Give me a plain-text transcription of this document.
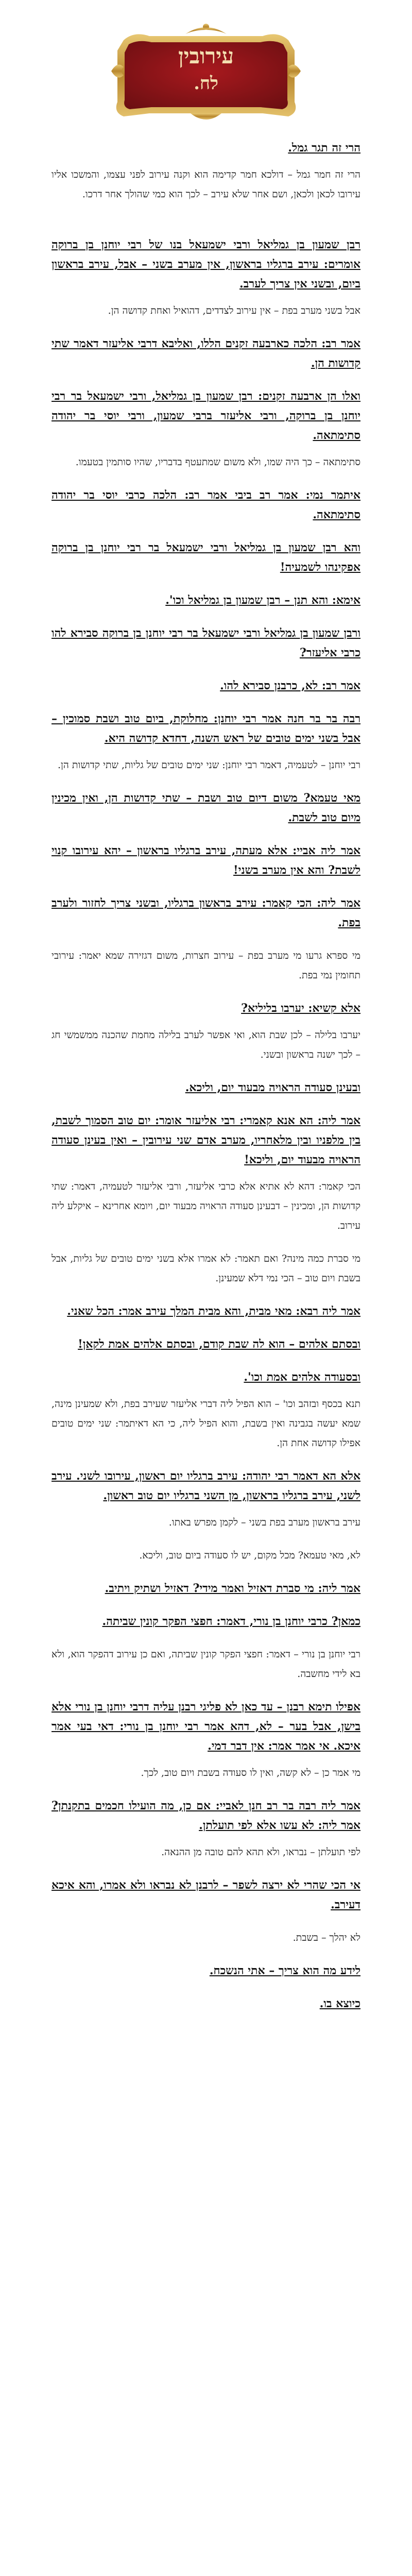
עירובין
לח.

הרי זה תגר גמל.

הרי זה חמר גמל – דולכא חמר קדימה הוא וקנה עירוב לפני עצמו, והמשכו אליו עירובו לכאן ולכאן, ושם אחר שלא עירב – לכך הוא כמי שהולך אחר דרכו.

רבן שמעון בן גמליאל ורבי ישמעאל בנו של רבי יוחנן בן ברוקה אומרים: עירב ברגליו בראשון, אין מערב בשני – אבל, עירב בראשון ביום, ובשני אין צריך לערב.

אבל בשני מערב בפת – אין עירוב לצדדים, דהואיל ואחת קדושה הן.

אמר רב: הלכה כארבעה זקנים הללו, ואליבא דרבי אליעזר דאמר שתי קדושות הן.

ואלו הן ארבעה זקנים: רבן שמעון בן גמליאל, ורבי ישמעאל בר רבי יוחנן בן ברוקה, ורבי אליעזר ברבי שמעון, ורבי יוסי בר יהודה סתימתאה.

סתימתאה – כך היה שמו, ולא משום שמתעטף בדבריו, שהיו סותמין בטעמו.

איתמר נמי: אמר רב ביבי אמר רב: הלכה כרבי יוסי בר יהודה סתימתאה.

והא רבן שמעון בן גמליאל ורבי ישמעאל בר רבי יוחנן בן ברוקה אפקינהו לשמעיה!

אימא: והא תנן – רבן שמעון בן גמליאל וכו'.

ורבן שמעון בן גמליאל ורבי ישמעאל בר רבי יוחנן בן ברוקה סבירא להו כרבי אליעזר?

אמר רב: לא, כרבנן סבירא להו.

רבה בר בר חנה אמר רבי יוחנן: מחלוקת, ביום טוב ושבת סמוכין – אבל בשני ימים טובים של ראש השנה, דחדא קדושה היא.

רבי יוחנן – לטעמיה, דאמר רבי יוחנן: שני ימים טובים של גליות, שתי קדושות הן.

מאי טעמא? משום דיום טוב ושבת – שתי קדושות הן, ואין מכינין מיום טוב לשבת.

אמר ליה אביי: אלא מעתה, עירב ברגליו בראשון – יהא עירובו קנוי לשבת? והא אין מערב בשני!

אמר ליה: הכי קאמר: עירב בראשון ברגליו, ובשני צריך לחזור ולערב בפת.

מי ספרא גרעו מי מערב בפת – עירוב חצרות, משום דגזירה שמא יאמר: עירובי תחומין נמי בפת.

אלא קשיא: יערבו בליליא?

יערבו בלילה – לכן שבת הוא, ואי אפשר לערב בלילה מחמת שהכנה ממשמשי חג – לכך ישנה בראשון ובשני.

ובעינן סעודה הראויה מבעוד יום, וליכא.

אמר ליה: הא אנא קאמרי: רבי אליעזר אומר: יום טוב הסמוך לשבת, בין מלפניו ובין מלאחריו, מערב אדם שני עירובין – ואין בעינן סעודה הראויה מבעוד יום, וליכא!

הכי קאמר: דהא לא אתיא אלא כרבי אליעזר, ורבי אליעזר לטעמיה, דאמר: שתי קדושות הן, ומכינין – דבעינן סעודה הראויה מבעוד יום, ויומא אחרינא – איקלע ליה עירוב.

מי סברת כמה מינה? ואם תאמר: לא אמרו אלא בשני ימים טובים של גליות, אבל בשבת ויום טוב – הכי נמי דלא שמעינן.

אמר ליה רבא: מאי מבית, והא מבית המלך עירב אמר: הכל שאני.

ובסתם אלהים – הוא לה שבת קודם, ובסתם אלהים אמת לקאן!

ובסעודה אלהים אמת וכו'.

תנא בכסף ובזהב וכו' – הוא הפיל ליה דברי אליעזר שעירב בפת, ולא שמעינן מינה, שמא יעשה בגבינה ואין בשבת, והוא הפיל ליה, כי הא דאיתמר: שני ימים טובים אפילו קדושה אחת הן.

אלא הא דאמר רבי יהודה: עירב ברגליו יום ראשון, עירובו לשני. עירב לשני, עירב ברגליו בראשון, מן השני ברגליו יום טוב ראשון.

עירב בראשון מערב בפת בשני – לקמן מפרש באתו.

לא, מאי טעמא? מכל מקום, יש לו סעודה ביום טוב, וליכא.

אמר ליה: מי סברת דאזיל ואמר מידי? דאזיל ושתיק ויתיב.

כמאן? כרבי יוחנן בן נורי, דאמר: חפצי הפקר קונין שביתה.

רבי יוחנן בן נורי – דאמר: חפצי הפקר קונין שביתה, ואם כן עירוב דהפקר הוא, ולא בא לידי מחשבה.

אפילו תימא רבנן – עד כאן לא פליגי רבנן עליה דרבי יוחנן בן נורי אלא בישן, אבל בער – לא, דהא אמר רבי יוחנן בן נורי: דאי בעי אמר איכא. אי אמר אמר: אין דבר דמי.

מי אמר כן – לא קשה, ואין לו סעודה בשבת ויום טוב, לכך.

אמר ליה רבה בר רב חנן לאביי: אם כן, מה הועילו חכמים בתקנתן? אמר ליה: לא עשו אלא לפי תועלתן.

לפי תועלתן – נבראו, ולא תהא להם טובה מן ההנאה.

אי הכי שהרי לא ירצה לשפר – לרבנן לא נבראו ולא אמרו, והא איכא דעירב.

לא יהלך – בשבת.

לידע מה הוא צריך – אתי הנשכח.

כיוצא בו.
